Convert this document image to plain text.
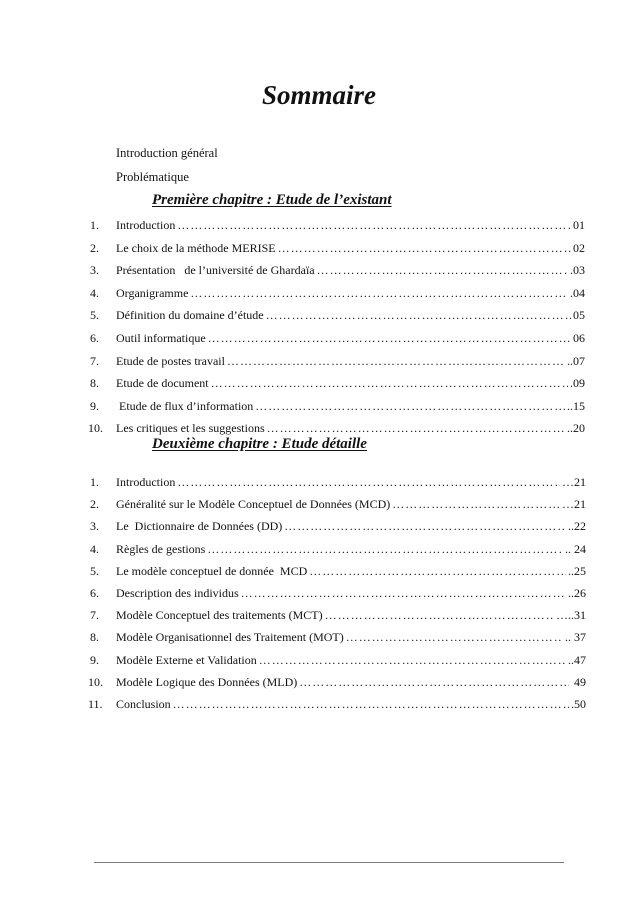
Sommaire
Introduction général
Problématique
Première chapitre : Etude de l’existant
Deuxième chapitre : Etude détaille
1. Introduction ……………………………………………………………………………………………………………………………………………………………………	01
2. Le choix de la méthode MERISE ……………………………………………………………………………………………………………………………………………………………………	02
3. Présentation   de l’université de Ghardaïa ……………………………………………………………………………………………………………………………………………………………………	.03
4. Organigramme ……………………………………………………………………………………………………………………………………………………………………	.04
5. Définition du domaine d’étude ……………………………………………………………………………………………………………………………………………………………………	05
6. Outil informatique ……………………………………………………………………………………………………………………………………………………………………	06
7. Etude de postes travail ……………………………………………………………………………………………………………………………………………………………………	..07
8. Etude de document ……………………………………………………………………………………………………………………………………………………………………	.09
9. Etude de flux d’information ……………………………………………………………………………………………………………………………………………………………………	..15
10. Les critiques et les suggestions ……………………………………………………………………………………………………………………………………………………………………	..20
1. Introduction ……………………………………………………………………………………………………………………………………………………………………	…21
2. Généralité sur le Modèle Conceptuel de Données (MCD) ……………………………………………………………………………………………………………………………………………………………………	…21
3. Le  Dictionnaire de Données (DD) ……………………………………………………………………………………………………………………………………………………………………	..22
4. Règles de gestions ……………………………………………………………………………………………………………………………………………………………………	.. 24
5. Le modèle conceptuel de donnée  MCD ……………………………………………………………………………………………………………………………………………………………………	..25
6. Description des individus ……………………………………………………………………………………………………………………………………………………………………	..26
7. Modèle Conceptuel des traitements (MCT) ……………………………………………………………………………………………………………………………………………………………………	…..31
8. Modèle Organisationnel des Traitement (MOT) ……………………………………………………………………………………………………………………………………………………………………	.. 37
9. Modèle Externe et Validation ……………………………………………………………………………………………………………………………………………………………………	..47
10. Modèle Logique des Données (MLD) ……………………………………………………………………………………………………………………………………………………………………	49
11. Conclusion ……………………………………………………………………………………………………………………………………………………………………	.50
